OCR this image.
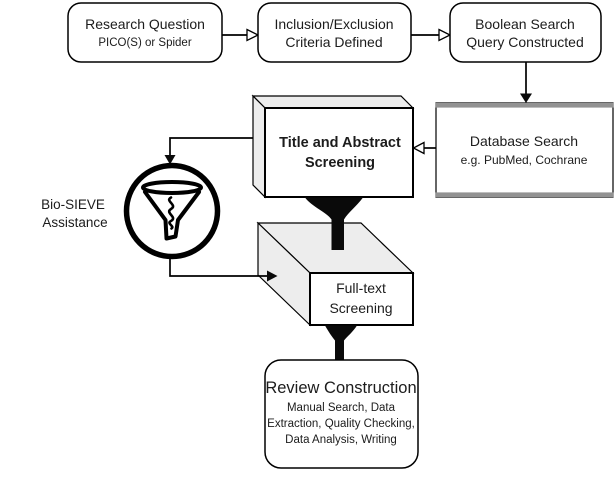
Research Question
PICO(S) or Spider
Inclusion/Exclusion
Criteria Defined
Boolean Search
Query Constructed
Database Search
e.g. PubMed, Cochrane
Title and Abstract
Screening
Full-text
Screening
Bio-SIEVE
Assistance
Review Construction
Manual Search, Data
Extraction, Quality Checking,
Data Analysis, Writing
